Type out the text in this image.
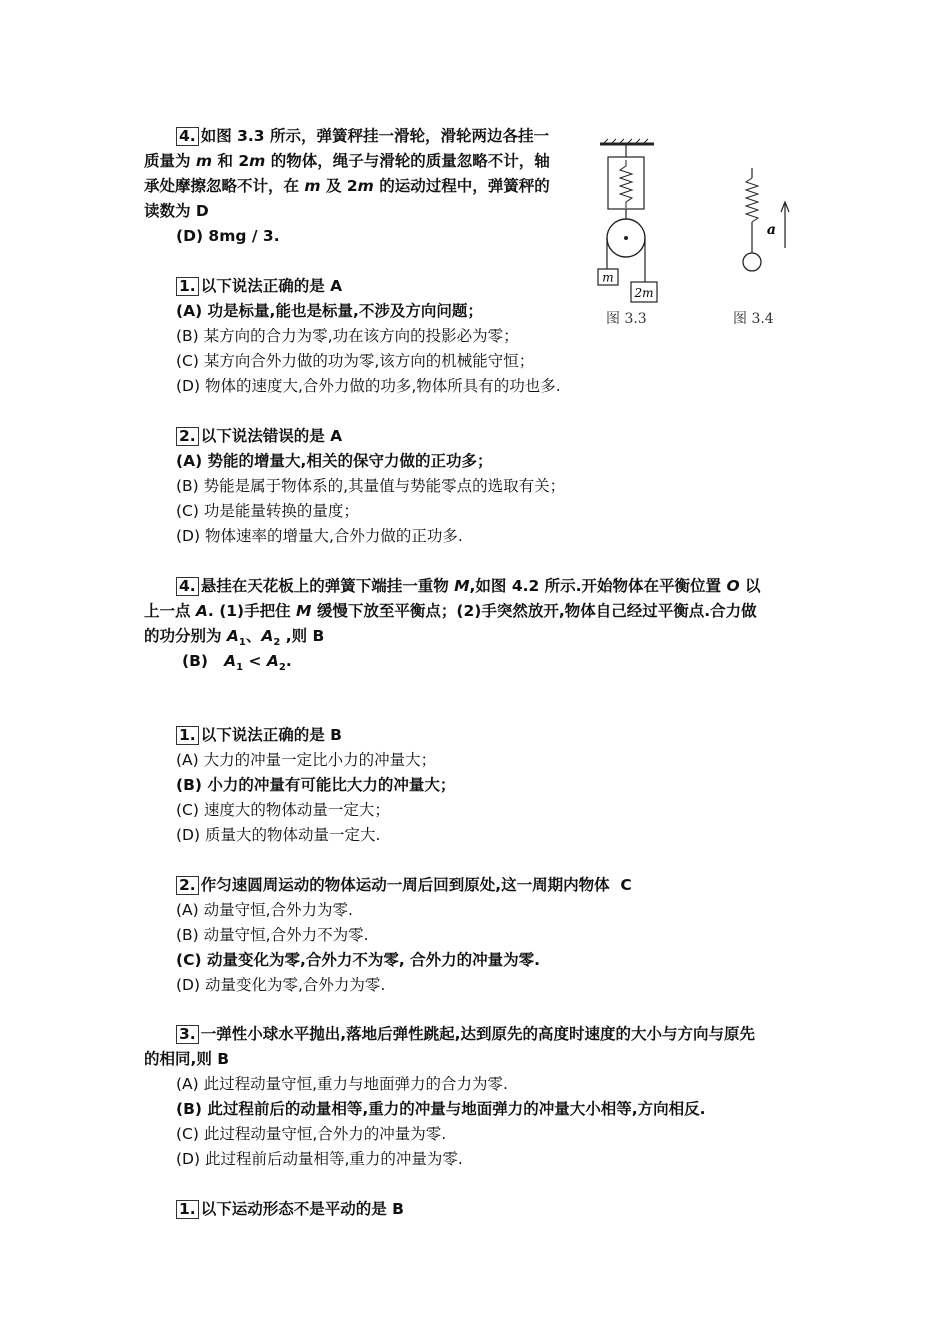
4. 如图 3.3 所示，弹簧秤挂一滑轮，滑轮两边各挂一
质量为 m 和 2m 的物体，绳子与滑轮的质量忽略不计，轴
承处摩擦忽略不计，在 m 及 2m 的运动过程中，弹簧秤的
读数为 D
(D) 8mg / 3.
m
2m
图 3.3
a
图 3.4
1. 以下说法正确的是 A
(A) 功是标量,能也是标量,不涉及方向问题；
(B) 某方向的合力为零,功在该方向的投影必为零；
(C) 某方向合外力做的功为零,该方向的机械能守恒；
(D) 物体的速度大,合外力做的功多,物体所具有的功也多.
2. 以下说法错误的是 A
(A) 势能的增量大,相关的保守力做的正功多；
(B) 势能是属于物体系的,其量值与势能零点的选取有关；
(C) 功是能量转换的量度；
(D) 物体速率的增量大,合外力做的正功多.
4. 悬挂在天花板上的弹簧下端挂一重物 M,如图 4.2 所示.开始物体在平衡位置 O 以
上一点 A. (1)手把住 M 缓慢下放至平衡点；(2)手突然放开,物体自己经过平衡点.合力做
的功分别为 $A_1$、$A_2$ ,则 B
(B)   $A_1 < A_2$.
1. 以下说法正确的是 B
(A) 大力的冲量一定比小力的冲量大；
(B) 小力的冲量有可能比大力的冲量大；
(C) 速度大的物体动量一定大；
(D) 质量大的物体动量一定大.
2. 作匀速圆周运动的物体运动一周后回到原处,这一周期内物体  C
(A) 动量守恒,合外力为零.
(B) 动量守恒,合外力不为零.
(C) 动量变化为零,合外力不为零, 合外力的冲量为零.
(D) 动量变化为零,合外力为零.
3. 一弹性小球水平抛出,落地后弹性跳起,达到原先的高度时速度的大小与方向与原先
的相同,则 B
(A) 此过程动量守恒,重力与地面弹力的合力为零.
(B) 此过程前后的动量相等,重力的冲量与地面弹力的冲量大小相等,方向相反.
(C) 此过程动量守恒,合外力的冲量为零.
(D) 此过程前后动量相等,重力的冲量为零.
1. 以下运动形态不是平动的是 B
